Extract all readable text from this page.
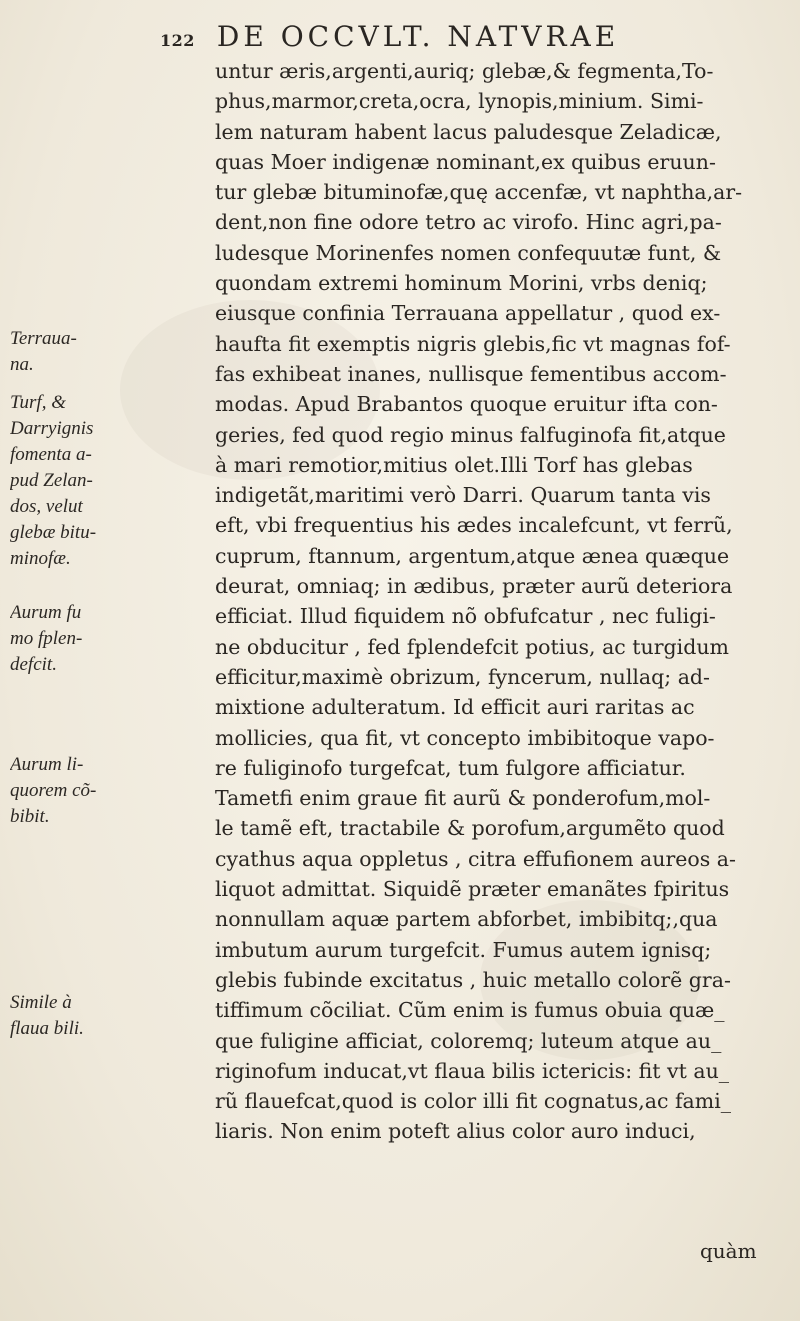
122 DE OCCVLT. NATVRAE
untur æris,argenti,auriq; glebæ,& fegmenta,To-
phus,marmor,creta,ocra, lynopis,minium. Simi-
lem naturam habent lacus paludesque Zeladicæ,
quas Moer indigenæ nominant,ex quibus eruun-
tur glebæ bituminofæ,quę accenfæ, vt naphtha,ar-
dent,non fine odore tetro ac virofo. Hinc agri,pa-
ludesque Morinenfes nomen confequutæ funt, &
quondam extremi hominum Morini, vrbs deniq;
eiusque confinia Terrauana appellatur , quod ex-
haufta fit exemptis nigris glebis,fic vt magnas fof-
fas exhibeat inanes, nullisque fementibus accom-
modas. Apud Brabantos quoque eruitur ifta con-
geries, fed quod regio minus falfuginofa fit,atque
à mari remotior,mitius olet.Illi Torf has glebas
indigetãt,maritimi verò Darri. Quarum tanta vis
eft, vbi frequentius his ædes incalefcunt, vt ferrũ,
cuprum, ftannum, argentum,atque ænea quæque
deurat, omniaq; in ædibus, præter aurũ deteriora
efficiat. Illud fiquidem nõ obfufcatur , nec fuligi-
ne obducitur , fed fplendefcit potius, ac turgidum
efficitur,maximè obrizum, fyncerum, nullaq; ad-
mixtione adulteratum. Id efficit auri raritas ac
mollicies, qua fit, vt concepto imbibitoque vapo-
re fuliginofo turgefcat, tum fulgore afficiatur.
Tametfi enim graue fit aurũ & ponderofum,mol-
le tamẽ eft, tractabile & porofum,argumẽto quod
cyathus aqua oppletus , citra effufionem aureos a-
liquot admittat. Siquidẽ præter emanãtes fpiritus
nonnullam aquæ partem abforbet, imbibitq;,qua
imbutum aurum turgefcit. Fumus autem ignisq;
glebis fubinde excitatus , huic metallo colorẽ gra-
tiffimum cõciliat. Cũm enim is fumus obuia quæ_
que fuligine afficiat, coloremq; luteum atque au_
riginofum inducat,vt flaua bilis ictericis: fit vt au_
rũ flauefcat,quod is color illi fit cognatus,ac fami_
liaris. Non enim poteft alius color auro induci,
Terraua-
na.
Turf, &
Darryignis
fomenta a-
pud Zelan-
dos, velut
glebæ bitu-
minofæ.
Aurum fu
mo fplen-
defcit.
Aurum li-
quorem cõ-
bibit.
Simile à
flaua bili.
quàm
